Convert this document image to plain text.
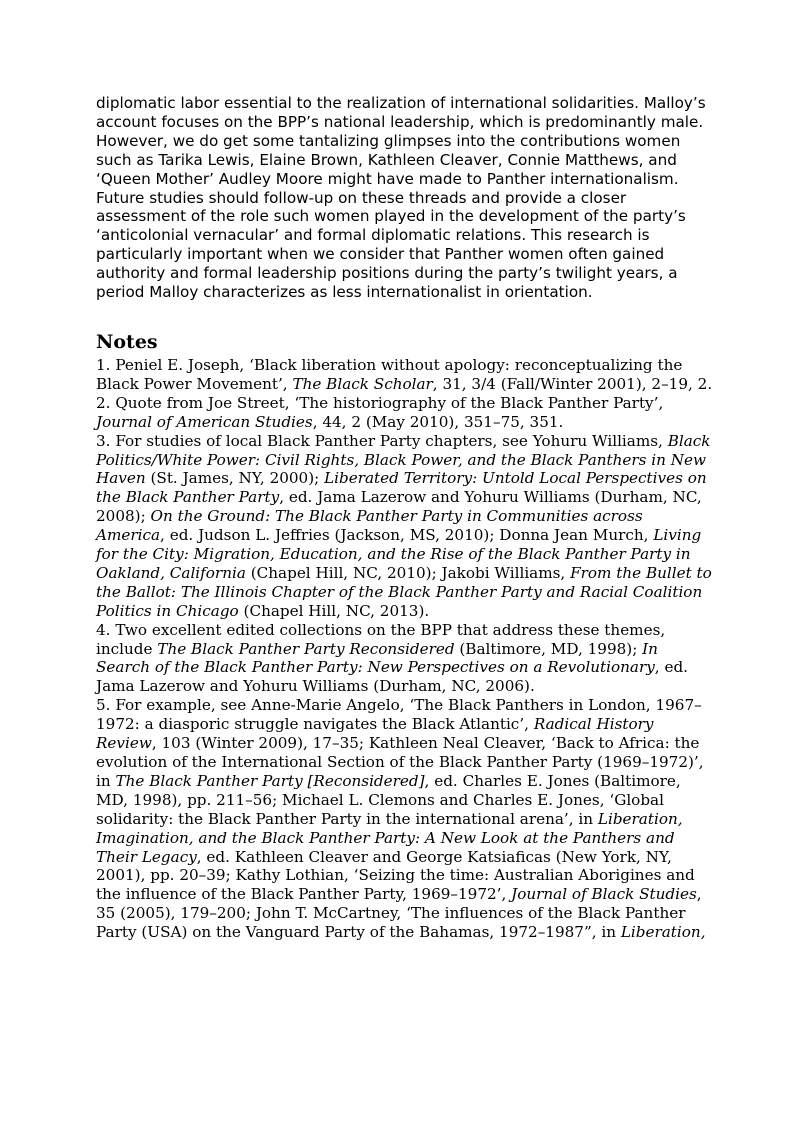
diplomatic labor essential to the realization of international solidarities. Malloy’s account focuses on the BPP’s national leadership, which is predominantly male. However, we do get some tantalizing glimpses into the contributions women such as Tarika Lewis, Elaine Brown, Kathleen Cleaver, Connie Matthews, and ‘Queen Mother’ Audley Moore might have made to Panther internationalism. Future studies should follow-up on these threads and provide a closer assessment of the role such women played in the development of the party’s ‘anticolonial vernacular’ and formal diplomatic relations. This research is particularly important when we consider that Panther women often gained authority and formal leadership positions during the party’s twilight years, a period Malloy characterizes as less internationalist in orientation.

Notes

1. Peniel E. Joseph, ‘Black liberation without apology: reconceptualizing the Black Power Movement’, The Black Scholar, 31, 3/4 (Fall/Winter 2001), 2–19, 2.

2. Quote from Joe Street, ‘The historiography of the Black Panther Party’, Journal of American Studies, 44, 2 (May 2010), 351–75, 351.

3. For studies of local Black Panther Party chapters, see Yohuru Williams, Black Politics/White Power: Civil Rights, Black Power, and the Black Panthers in New Haven (St. James, NY, 2000); Liberated Territory: Untold Local Perspectives on the Black Panther Party, ed. Jama Lazerow and Yohuru Williams (Durham, NC, 2008); On the Ground: The Black Panther Party in Communities across America, ed. Judson L. Jeffries (Jackson, MS, 2010); Donna Jean Murch, Living for the City: Migration, Education, and the Rise of the Black Panther Party in Oakland, California (Chapel Hill, NC, 2010); Jakobi Williams, From the Bullet to the Ballot: The Illinois Chapter of the Black Panther Party and Racial Coalition Politics in Chicago (Chapel Hill, NC, 2013).

4. Two excellent edited collections on the BPP that address these themes, include The Black Panther Party Reconsidered (Baltimore, MD, 1998); In Search of the Black Panther Party: New Perspectives on a Revolutionary, ed. Jama Lazerow and Yohuru Williams (Durham, NC, 2006).

5. For example, see Anne-Marie Angelo, ‘The Black Panthers in London, 1967–1972: a diasporic struggle navigates the Black Atlantic’, Radical History Review, 103 (Winter 2009), 17–35; Kathleen Neal Cleaver, ‘Back to Africa: the evolution of the International Section of the Black Panther Party (1969–1972)’, in The Black Panther Party [Reconsidered], ed. Charles E. Jones (Baltimore, MD, 1998), pp. 211–56; Michael L. Clemons and Charles E. Jones, ‘Global solidarity: the Black Panther Party in the international arena’, in Liberation, Imagination, and the Black Panther Party: A New Look at the Panthers and Their Legacy, ed. Kathleen Cleaver and George Katsiaficas (New York, NY, 2001), pp. 20–39; Kathy Lothian, ‘Seizing the time: Australian Aborigines and the influence of the Black Panther Party, 1969–1972’, Journal of Black Studies, 35 (2005), 179–200; John T. McCartney, ‘The influences of the Black Panther Party (USA) on the Vanguard Party of the Bahamas, 1972–1987”, in Liberation,
